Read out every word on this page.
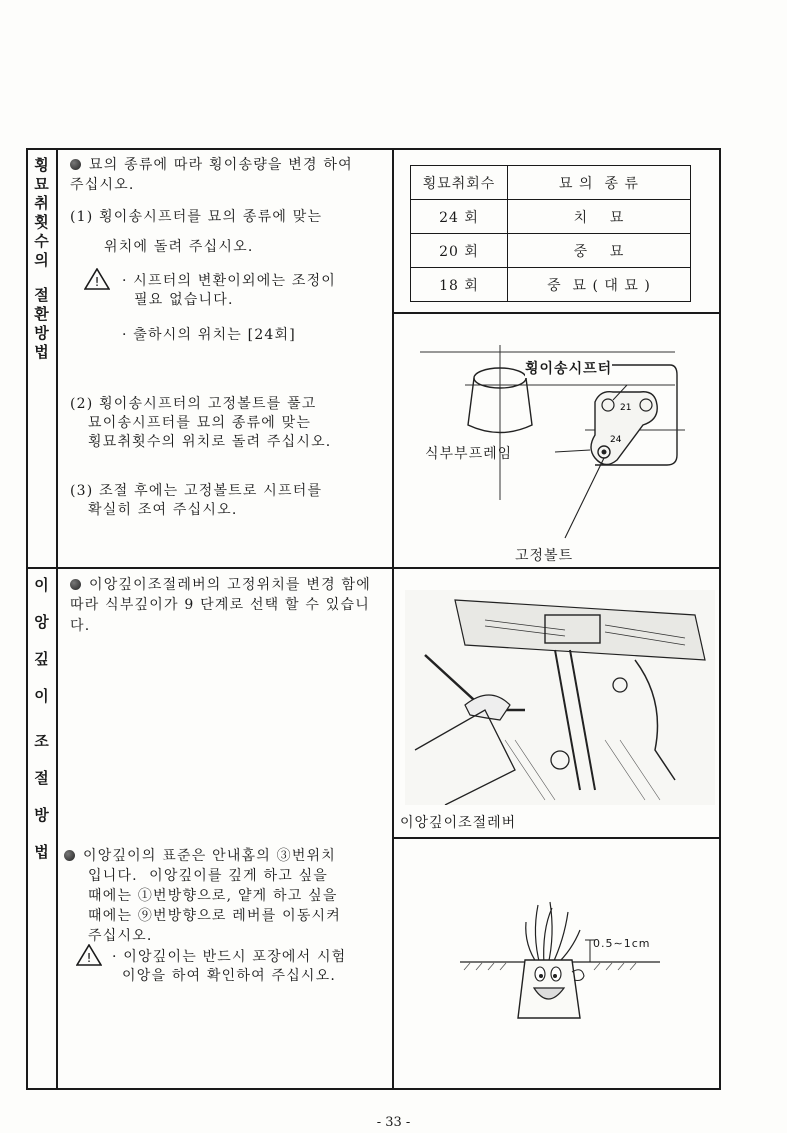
횡
묘
취
횟
수
의
절
환
방
법
묘의 종류에 따라 횡이송량을 변경 하여 주십시오.
(1) 횡이송시프터를 묘의 종류에 맞는
위치에 돌려 주십시오.
! · 시프터의 변환이외에는 조정이
필요 없습니다.
· 출하시의 위치는 [24회]
(2) 횡이송시프터의 고정볼트를 풀고
묘이송시프터를 묘의 종류에 맞는
횡묘취횟수의 위치로 돌려 주십시오.
(3) 조절 후에는 고정볼트로 시프터를
확실히 조여 주십시오.
횡묘취회수	묘 의  종 류
24 회	치    묘
20 회	중    묘
18 회	중  묘 ( 대 묘 )
21
24
횡이송시프터
식부부프레임
고정볼트
이
앙
깊
이
조
절
방
법
이앙깊이조절레버의 고정위치를 변경 함에 따라 식부깊이가 9 단계로 선택 할 수 있습니다.
이앙깊이조절레버
이앙깊이의 표준은 안내홈의 ③번위치
입니다.  이앙깊이를 깊게 하고 싶을
때에는 ①번방향으로, 얕게 하고 싶을
때에는 ⑨번방향으로 레버를 이동시켜
주십시오.
! · 이앙깊이는 반드시 포장에서 시험
이앙을 하여 확인하여 주십시오.
0.5∼1cm
- 33 -
